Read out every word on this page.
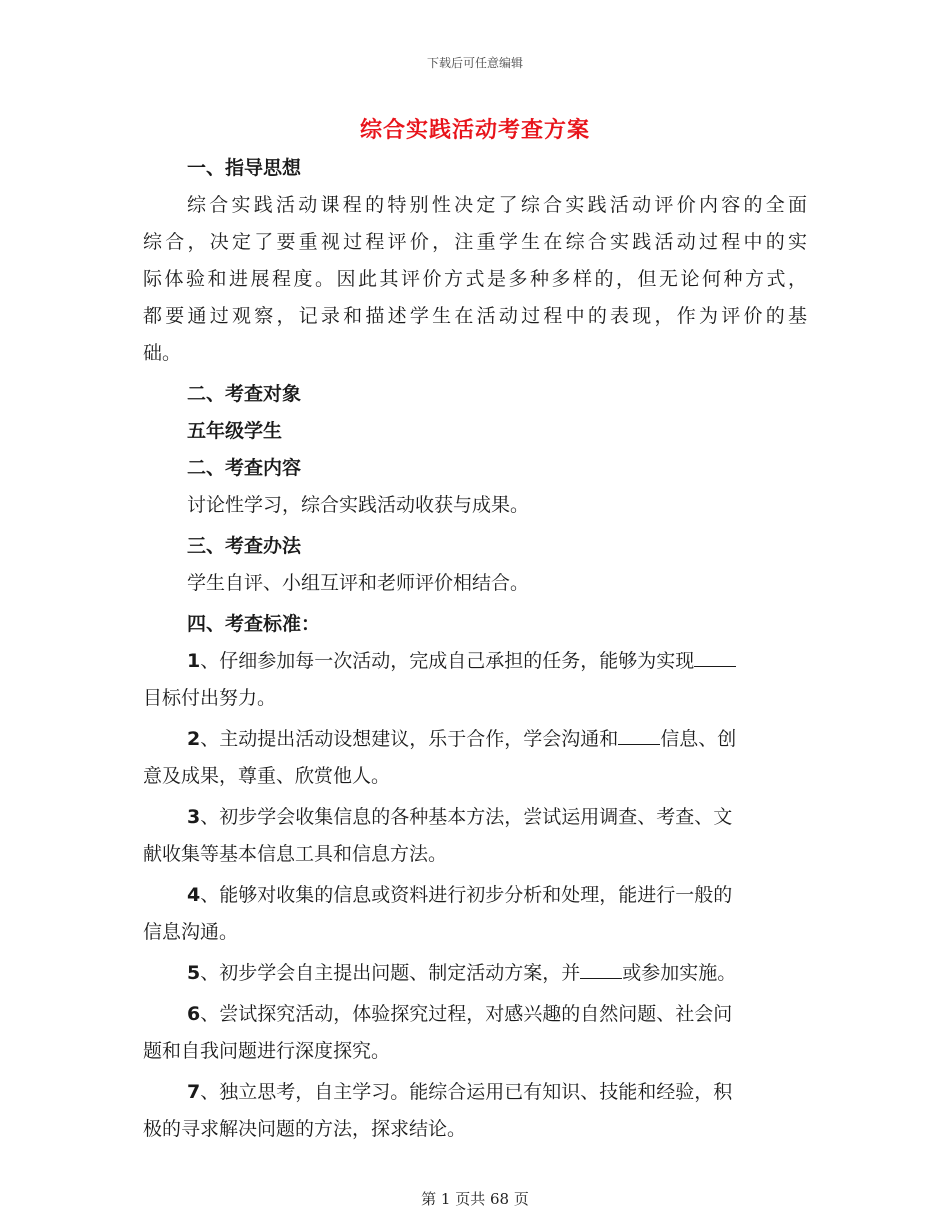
下载后可任意编辑
综合实践活动考查方案
一、指导思想
综合实践活动课程的特别性决定了综合实践活动评价内容的全面
综合，决定了要重视过程评价，注重学生在综合实践活动过程中的实
际体验和进展程度。因此其评价方式是多种多样的，但无论何种方式，
都要通过观察，记录和描述学生在活动过程中的表现，作为评价的基
础。
二、考查对象
五年级学生
二、考查内容
讨论性学习，综合实践活动收获与成果。
三、考查办法
学生自评、小组互评和老师评价相结合。
四、考查标准：
1、仔细参加每一次活动，完成自己承担的任务，能够为实现
目标付出努力。
2、主动提出活动设想建议，乐于合作，学会沟通和 信息、创
意及成果，尊重、欣赏他人。
3、初步学会收集信息的各种基本方法，尝试运用调查、考查、文
献收集等基本信息工具和信息方法。
4、能够对收集的信息或资料进行初步分析和处理，能进行一般的
信息沟通。
5、初步学会自主提出问题、制定活动方案，并 或参加实施。
6、尝试探究活动，体验探究过程，对感兴趣的自然问题、社会问
题和自我问题进行深度探究。
7、独立思考，自主学习。能综合运用已有知识、技能和经验，积
极的寻求解决问题的方法，探求结论。
第 1 页共 68 页
